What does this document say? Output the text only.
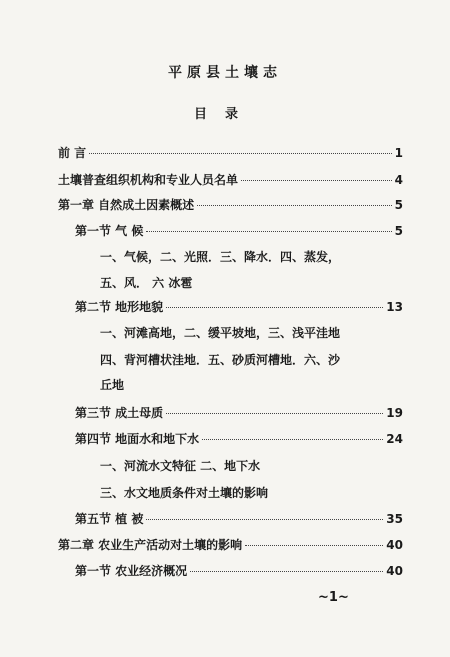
平原县土壤志
目录
前 言	1
土壤普查组织机构和专业人员名单	4
第一章 自然成土因素概述	5
第一节 气 候	5
一、气候，二、光照．三、降水．四、蒸发，
五、风． 六 冰雹
第二节 地形地貌	13
一、河滩高地，二、缓平坡地，三、浅平洼地
四、背河槽状洼地．五、砂质河槽地．六、沙
丘地
第三节 成土母质	19
第四节 地面水和地下水	24
一、河流水文特征 二、地下水
三、水文地质条件对土壤的影响
第五节 植 被	35
第二章 农业生产活动对土壤的影响	40
第一节 农业经济概况	40
~1~
